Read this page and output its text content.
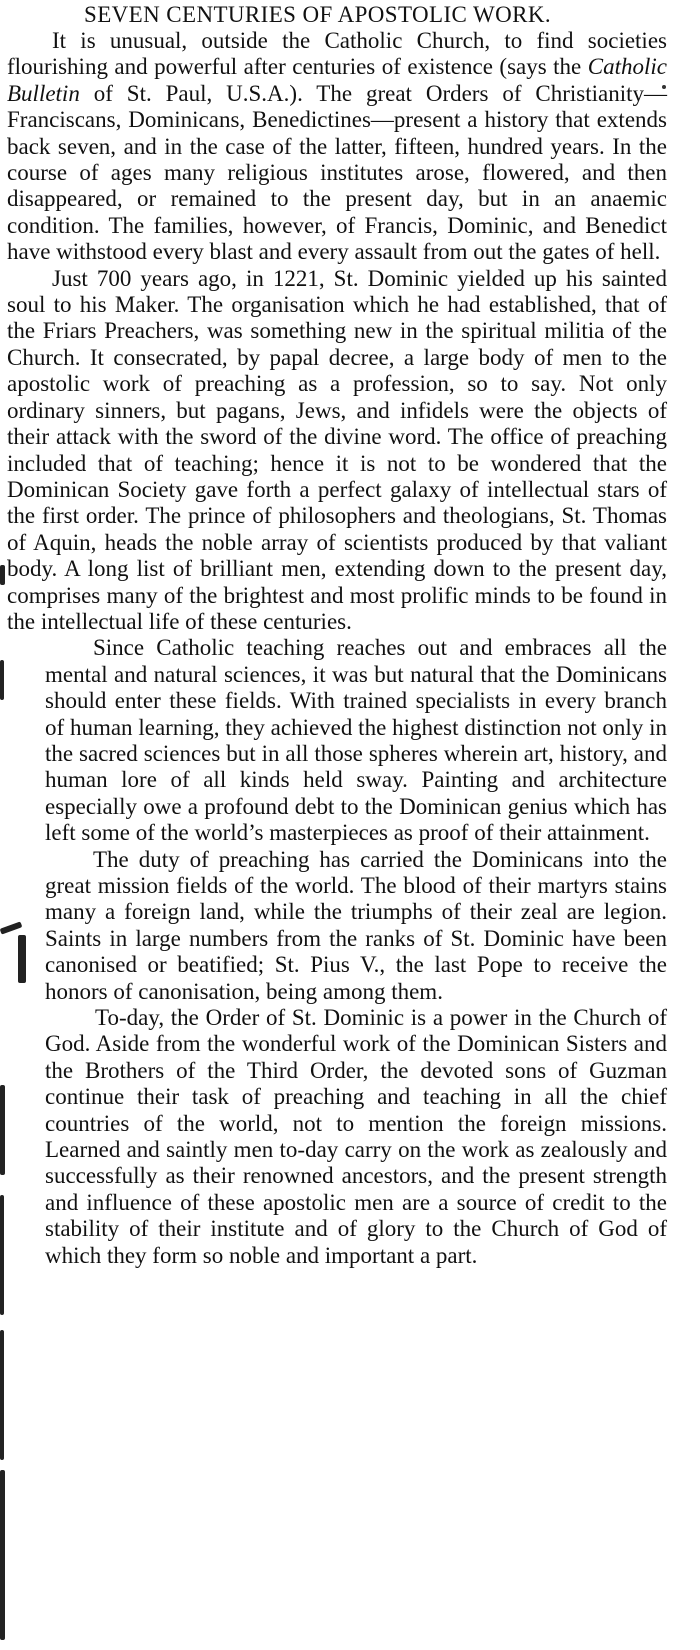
SEVEN CENTURIES OF APOSTOLIC WORK.

It is unusual, outside the Catholic Church, to find societies flourishing and powerful after centuries of existence (says the Catholic Bulletin of St. Paul, U.S.A.). The great Orders of Christianity—Franciscans, Dominicans, Benedictines—present a history that extends back seven, and in the case of the latter, fifteen, hundred years. In the course of ages many religious institutes arose, flowered, and then disappeared, or remained to the present day, but in an anaemic condition. The families, however, of Francis, Dominic, and Benedict have withstood every blast and every assault from out the gates of hell.

Just 700 years ago, in 1221, St. Dominic yielded up his sainted soul to his Maker. The organisation which he had established, that of the Friars Preachers, was something new in the spiritual militia of the Church. It consecrated, by papal decree, a large body of men to the apostolic work of preaching as a profession, so to say. Not only ordinary sinners, but pagans, Jews, and infidels were the objects of their attack with the sword of the divine word. The office of preaching included that of teaching; hence it is not to be wondered that the Dominican Society gave forth a perfect galaxy of intellectual stars of the first order. The prince of philosophers and theologians, St. Thomas of Aquin, heads the noble array of scientists produced by that valiant body. A long list of brilliant men, extending down to the present day, comprises many of the brightest and most prolific minds to be found in the intellectual life of these centuries.

Since Catholic teaching reaches out and embraces all the mental and natural sciences, it was but natural that the Dominicans should enter these fields. With trained specialists in every branch of human learning, they achieved the highest distinction not only in the sacred sciences but in all those spheres wherein art, history, and human lore of all kinds held sway. Painting and architecture especially owe a profound debt to the Dominican genius which has left some of the world’s masterpieces as proof of their attainment.

The duty of preaching has carried the Dominicans into the great mission fields of the world. The blood of their martyrs stains many a foreign land, while the triumphs of their zeal are legion. Saints in large numbers from the ranks of St. Dominic have been canonised or beatified; St. Pius V., the last Pope to receive the honors of canonisation, being among them.

To-day, the Order of St. Dominic is a power in the Church of God. Aside from the wonderful work of the Dominican Sisters and the Brothers of the Third Order, the devoted sons of Guzman continue their task of preaching and teaching in all the chief countries of the world, not to mention the foreign missions. Learned and saintly men to-day carry on the work as zealously and successfully as their renowned ancestors, and the present strength and influence of these apostolic men are a source of credit to the stability of their institute and of glory to the Church of God of which they form so noble and important a part.
